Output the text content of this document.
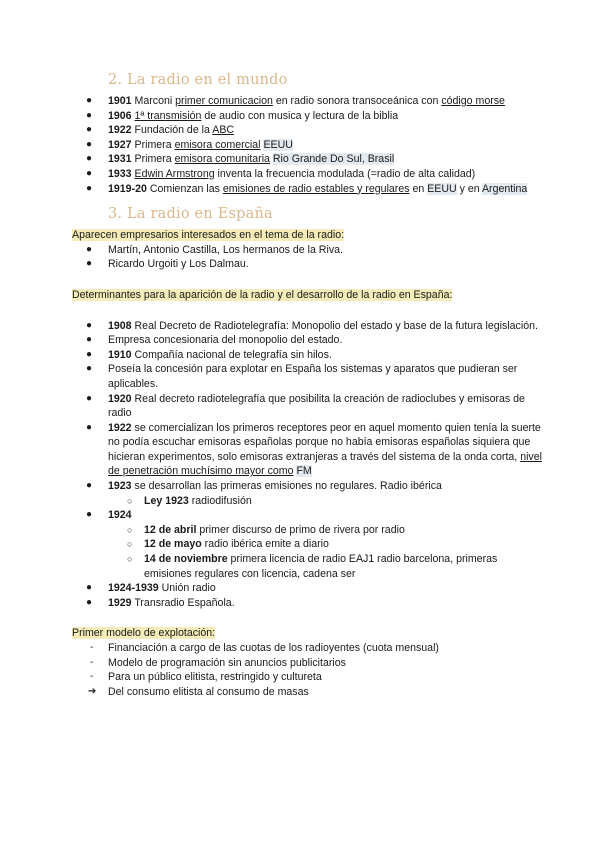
2. La radio en el mundo
● 1901 Marconi primer comunicacion en radio sonora transoceánica con código morse
● 1906 1ª transmisión de audio con musica y lectura de la biblia
● 1922 Fundación de la ABC
● 1927 Primera emisora comercial EEUU
● 1931 Primera emisora comunitaria Rio Grande Do Sul, Brasil
● 1933 Edwin Armstrong inventa la frecuencia modulada (=radio de alta calidad)
● 1919-20 Comienzan las emisiones de radio estables y regulares en EEUU y en Argentina
3. La radio en España
Aparecen empresarios interesados en el tema de la radio:
● Martín, Antonio Castilla, Los hermanos de la Riva.
● Ricardo Urgoiti y Los Dalmau.
Determinantes para la aparición de la radio y el desarrollo de la radio en España:
● 1908 Real Decreto de Radiotelegrafía: Monopolio del estado y base de la futura legislación.
● Empresa concesionaria del monopolio del estado.
● 1910 Compañía nacional de telegrafía sin hilos.
● Poseía la concesión para explotar en España los sistemas y aparatos que pudieran ser aplicables.
● 1920 Real decreto radiotelegrafía que posibilita la creación de radioclubes y emisoras de radio
● 1922 se comercializan los primeros receptores peor en aquel momento quien tenía la suerte no podía escuchar emisoras españolas porque no había emisoras españolas siquiera que hicieran experimentos, solo emisoras extranjeras a través del sistema de la onda corta, nivel de penetración muchísimo mayor como FM
● 1923 se desarrollan las primeras emisiones no regulares. Radio ibérica
○ Ley 1923 radiodifusión
● 1924
○ 12 de abril primer discurso de primo de rivera por radio
○ 12 de mayo radio ibérica emite a diario
○ 14 de noviembre primera licencia de radio EAJ1 radio barcelona, primeras emisiones regulares con licencia, cadena ser
● 1924-1939 Unión radio
● 1929 Transradio Española.
Primer modelo de explotación:
- Financiación a cargo de las cuotas de los radioyentes (cuota mensual)
- Modelo de programación sin anuncios publicitarios
- Para un público elitista, restringido y cultureta
➔ Del consumo elitista al consumo de masas
